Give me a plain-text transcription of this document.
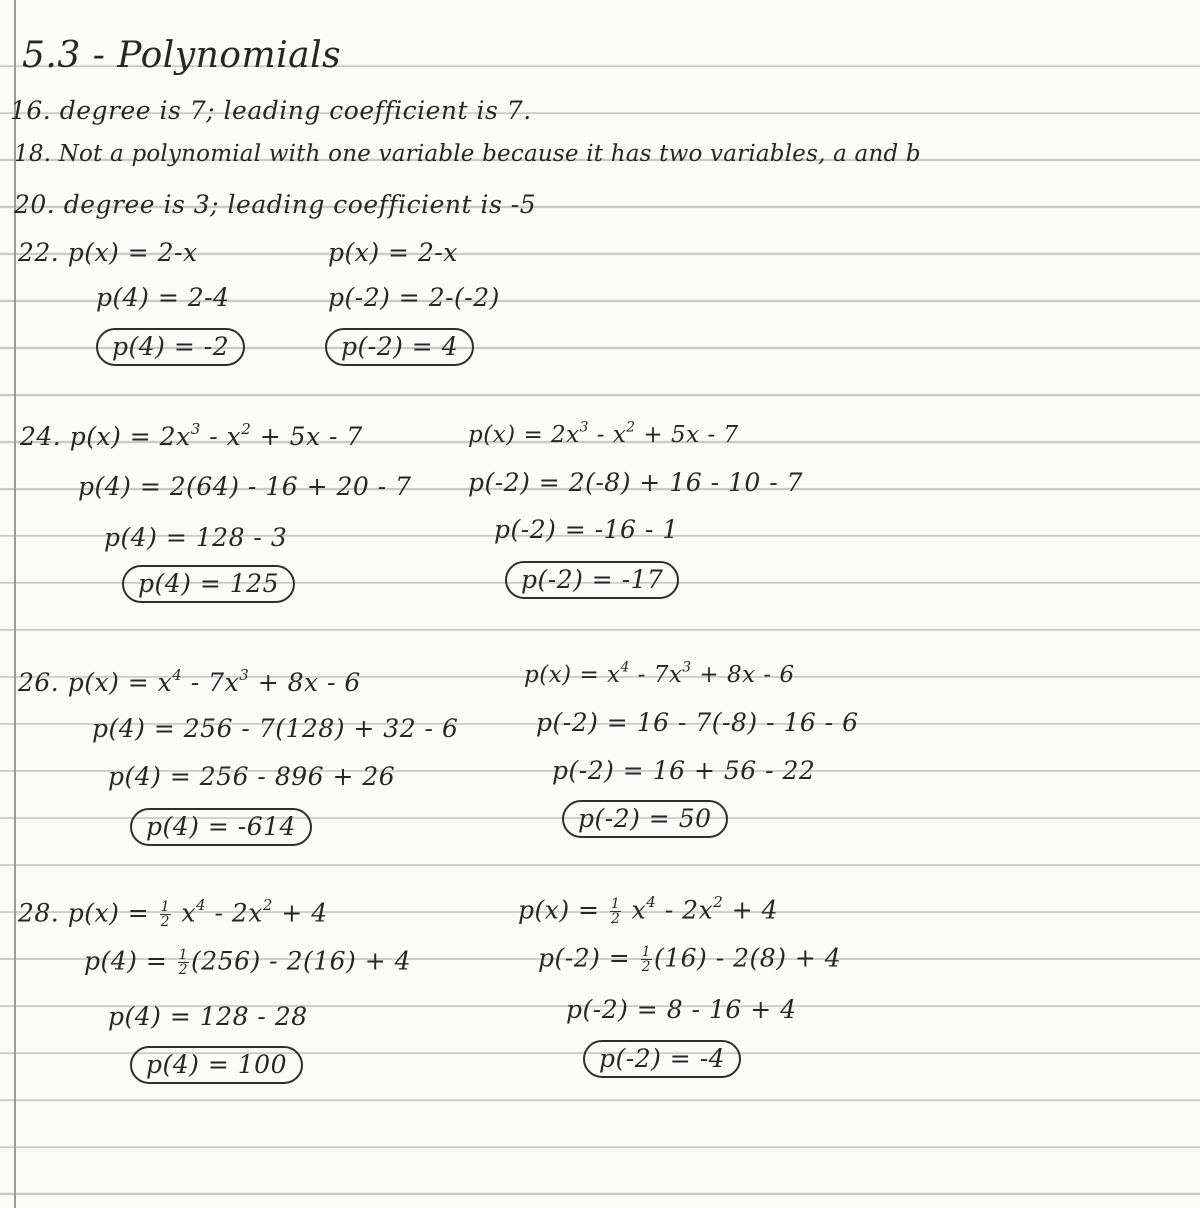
5.3 - Polynomials
16. degree is 7; leading coefficient is 7.
18. Not a polynomial with one variable because it has two variables, a and b
20. degree is 3; leading coefficient is -5
22. p(x) = 2-x
p(4) = 2-4
p(4) = -2
p(x) = 2-x
p(-2) = 2-(-2)
p(-2) = 4
24. $p(x) = 2x^3 - x^2 + 5x - 7$
p(4) = 2(64) - 16 + 20 - 7
p(4) = 128 - 3
p(4) = 125
$p(x) = 2x^3 - x^2 + 5x - 7$
p(-2) = 2(-8) + 16 - 10 - 7
p(-2) = -16 - 1
p(-2) = -17
26. $p(x) = x^4 - 7x^3 + 8x - 6$
p(4) = 256 - 7(128) + 32 - 6
p(4) = 256 - 896 + 26
p(4) = -614
$p(x) = x^4 - 7x^3 + 8x - 6$
p(-2) = 16 - 7(-8) - 16 - 6
p(-2) = 16 + 56 - 22
p(-2) = 50
28. $p(x) = \frac{1}{2} x^4 - 2x^2 + 4$
$p(4) = \frac{1}{2} (256) - 2(16) + 4$
p(4) = 128 - 28
p(4) = 100
$p(x) = \frac{1}{2} x^4 - 2x^2 + 4$
$p(-2) = \frac{1}{2} (16) - 2(8) + 4$
p(-2) = 8 - 16 + 4
p(-2) = -4
